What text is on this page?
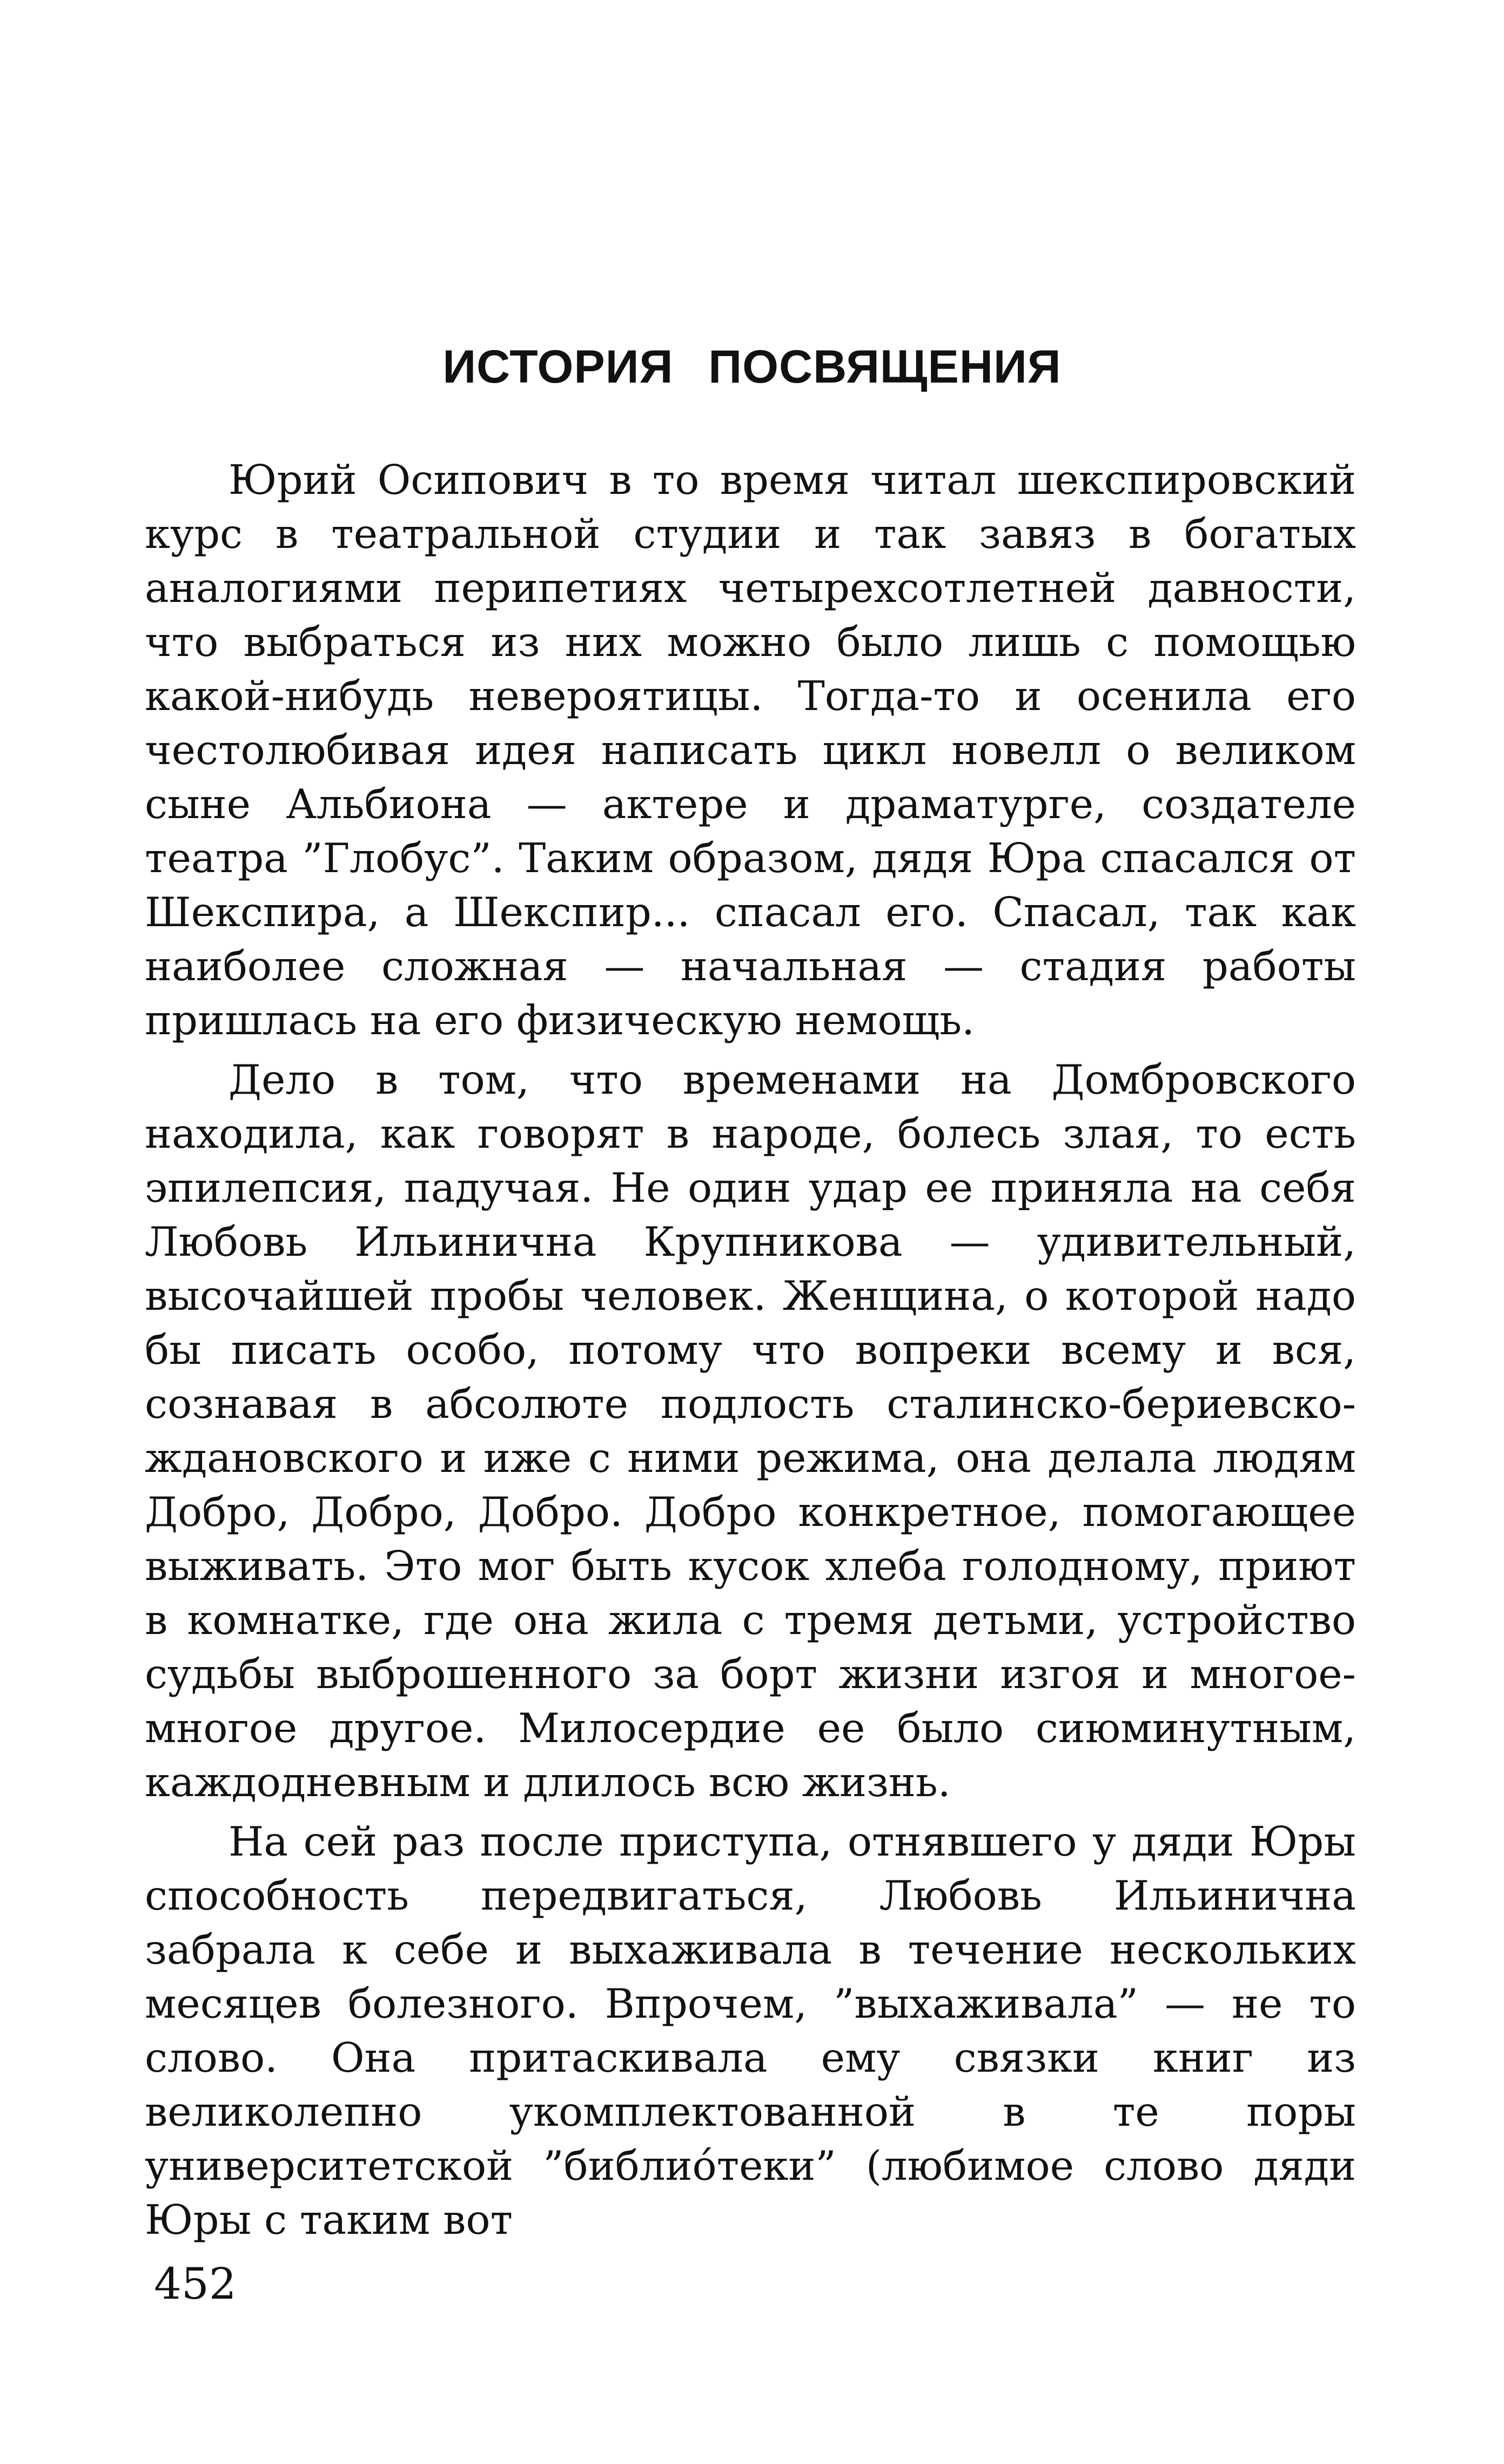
ИСТОРИЯ ПОСВЯЩЕНИЯ

Юрий Осипович в то время читал шекспировский курс в театральной студии и так завяз в богатых аналогиями перипетиях четырехсотлетней давности, что выбраться из них можно было лишь с помощью какой-нибудь невероятицы. Тогда-то и осенила его честолюбивая идея написать цикл новелл о великом сыне Альбиона — актере и драматурге, создателе театра ”Глобус”. Таким образом, дядя Юра спасался от Шекспира, а Шекспир... спасал его. Спасал, так как наиболее сложная — начальная — стадия работы пришлась на его физическую немощь.

Дело в том, что временами на Домбровского находила, как говорят в народе, болесь злая, то есть эпилепсия, падучая. Не один удар ее приняла на себя Любовь Ильинична Крупникова — удивительный, высочайшей пробы человек. Женщина, о которой надо бы писать особо, потому что вопреки всему и вся, сознавая в абсолюте подлость сталинско-бериевско-ждановского и иже с ними режима, она делала людям Добро, Добро, Добро. Добро конкретное, помогающее выживать. Это мог быть кусок хлеба голодному, приют в комнатке, где она жила с тремя детьми, устройство судьбы выброшенного за борт жизни изгоя и многое-многое другое. Милосердие ее было сиюминутным, каждодневным и длилось всю жизнь.

На сей раз после приступа, отнявшего у дяди Юры способность передвигаться, Любовь Ильинична забрала к себе и выхаживала в течение нескольких месяцев болезного. Впрочем, ”выхаживала” — не то слово. Она притаскивала ему связки книг из великолепно укомплектованной в те поры университетской ”библиóтеки” (любимое слово дяди Юры с таким вот

452
